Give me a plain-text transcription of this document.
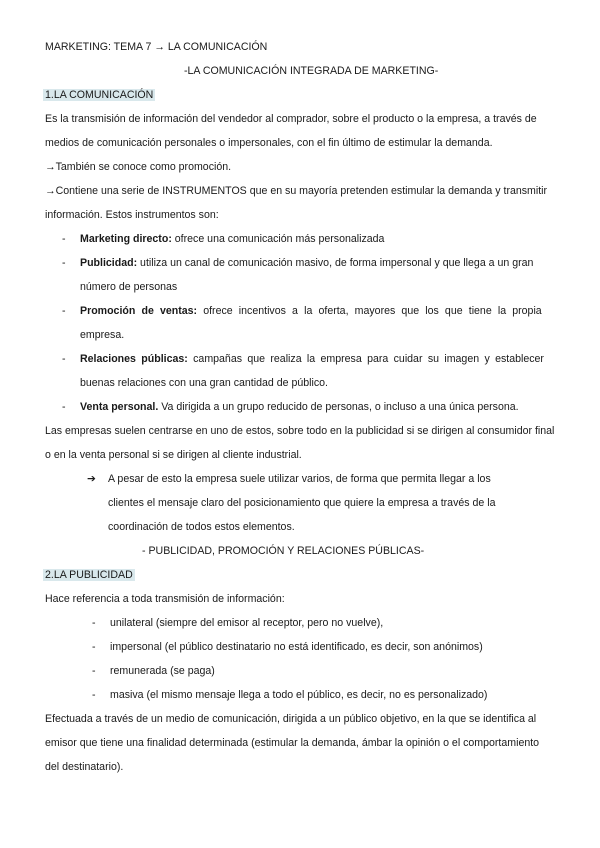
MARKETING: TEMA 7 → LA COMUNICACIÓN
-LA COMUNICACIÓN INTEGRADA DE MARKETING-
1.LA COMUNICACIÓN
Es la transmisión de información del vendedor al comprador, sobre el producto o la empresa, a través de
medios de comunicación personales o impersonales, con el fin último de estimular la demanda.
→También se conoce como promoción.
→Contiene una serie de INSTRUMENTOS que en su mayoría pretenden estimular la demanda y transmitir
información. Estos instrumentos son:
- Marketing directo: ofrece una comunicación más personalizada
- Publicidad: utiliza un canal de comunicación masivo, de forma impersonal y que llega a un gran
número de personas
- Promoción de ventas: ofrece incentivos a la oferta, mayores que los que tiene la propia
empresa.
- Relaciones públicas: campañas que realiza la empresa para cuidar su imagen y establecer
buenas relaciones con una gran cantidad de público.
- Venta personal. Va dirigida a un grupo reducido de personas, o incluso a una única persona.
Las empresas suelen centrarse en uno de estos, sobre todo en la publicidad si se dirigen al consumidor final
o en la venta personal si se dirigen al cliente industrial.
➔ A pesar de esto la empresa suele utilizar varios, de forma que permita llegar a los
clientes el mensaje claro del posicionamiento que quiere la empresa a través de la
coordinación de todos estos elementos.
- PUBLICIDAD, PROMOCIÓN Y RELACIONES PÚBLICAS-
2.LA PUBLICIDAD
Hace referencia a toda transmisión de información:
- unilateral (siempre del emisor al receptor, pero no vuelve),
- impersonal (el público destinatario no está identificado, es decir, son anónimos)
- remunerada (se paga)
- masiva (el mismo mensaje llega a todo el público, es decir, no es personalizado)
Efectuada a través de un medio de comunicación, dirigida a un público objetivo, en la que se identifica al
emisor que tiene una finalidad determinada (estimular la demanda, ámbar la opinión o el comportamiento
del destinatario).
